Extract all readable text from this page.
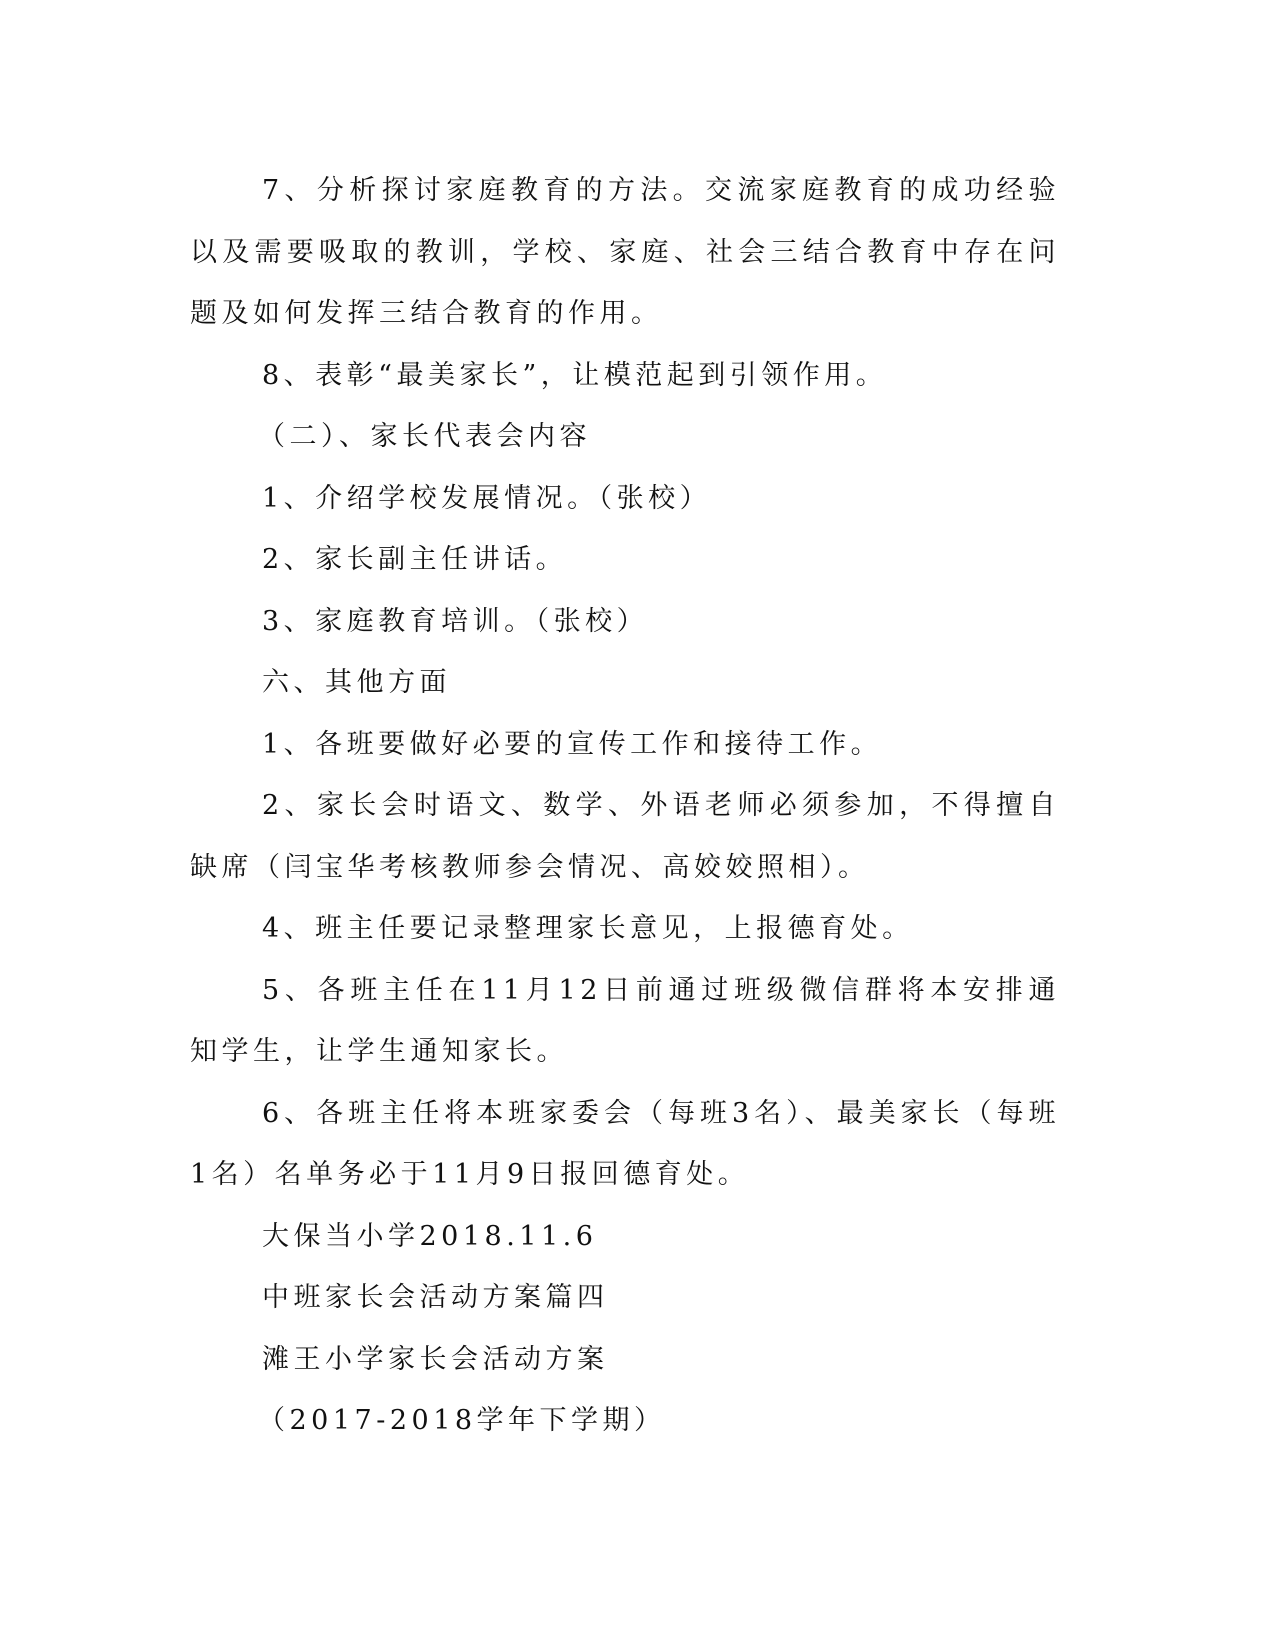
7、分析探讨家庭教育的方法。交流家庭教育的成功经验以及需要吸取的教训，学校、家庭、社会三结合教育中存在问题及如何发挥三结合教育的作用。

8、表彰“最美家长”，让模范起到引领作用。

（二）、家长代表会内容

1、介绍学校发展情况。（张校）

2、家长副主任讲话。

3、家庭教育培训。（张校）

六、其他方面

1、各班要做好必要的宣传工作和接待工作。

2、家长会时语文、数学、外语老师必须参加，不得擅自缺席（闫宝华考核教师参会情况、高姣姣照相）。

4、班主任要记录整理家长意见，上报德育处。

5、各班主任在11月12日前通过班级微信群将本安排通知学生，让学生通知家长。

6、各班主任将本班家委会（每班3名）、最美家长（每班1名）名单务必于11月9日报回德育处。

大保当小学2018.11.6

中班家长会活动方案篇四

滩王小学家长会活动方案

（2017-2018学年下学期）
